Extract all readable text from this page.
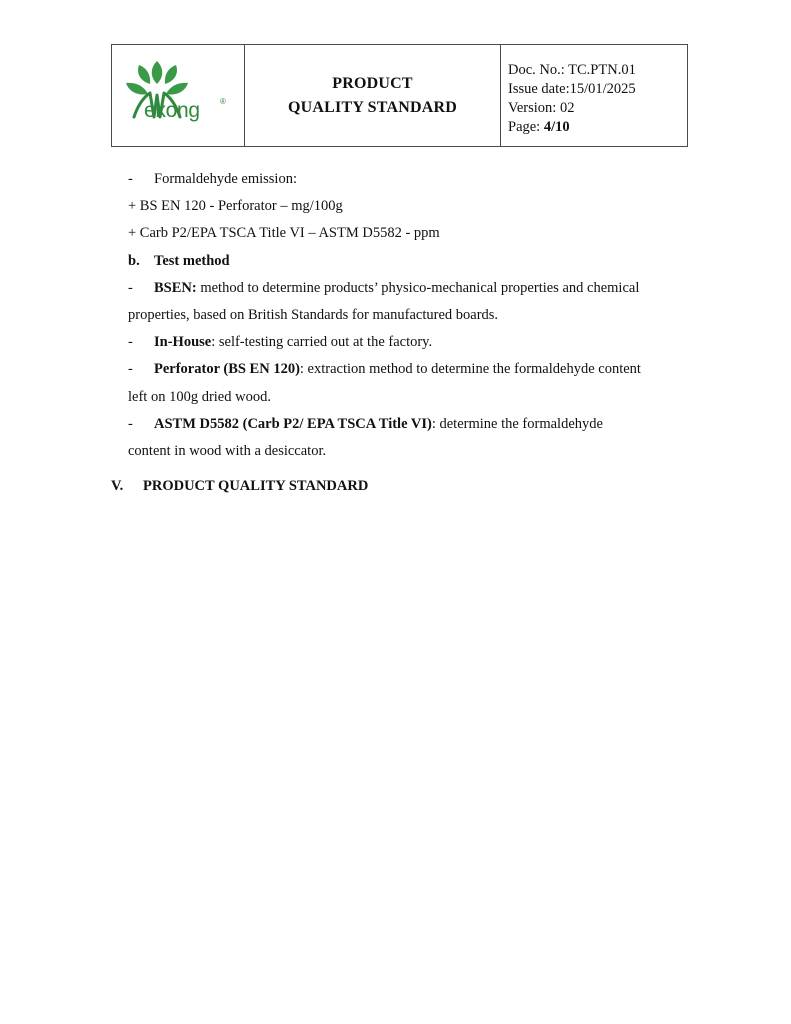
ekong	®
PRODUCT
QUALITY STANDARD
Doc. No.: TC.PTN.01
Issue date:15/01/2025
Version: 02
Page: 4/10
- Formaldehyde emission:
+ BS EN 120 - Perforator – mg/100g
+ Carb P2/EPA TSCA Title VI – ASTM D5582 - ppm
b. Test method
- BSEN: method to determine products’ physico-mechanical properties and chemical
properties, based on British Standards for manufactured boards.
- In-House: self-testing carried out at the factory.
- Perforator (BS EN 120): extraction method to determine the formaldehyde content
left on 100g dried wood.
- ASTM D5582 (Carb P2/ EPA TSCA Title VI): determine the formaldehyde
content in wood with a desiccator.
V. PRODUCT QUALITY STANDARD
